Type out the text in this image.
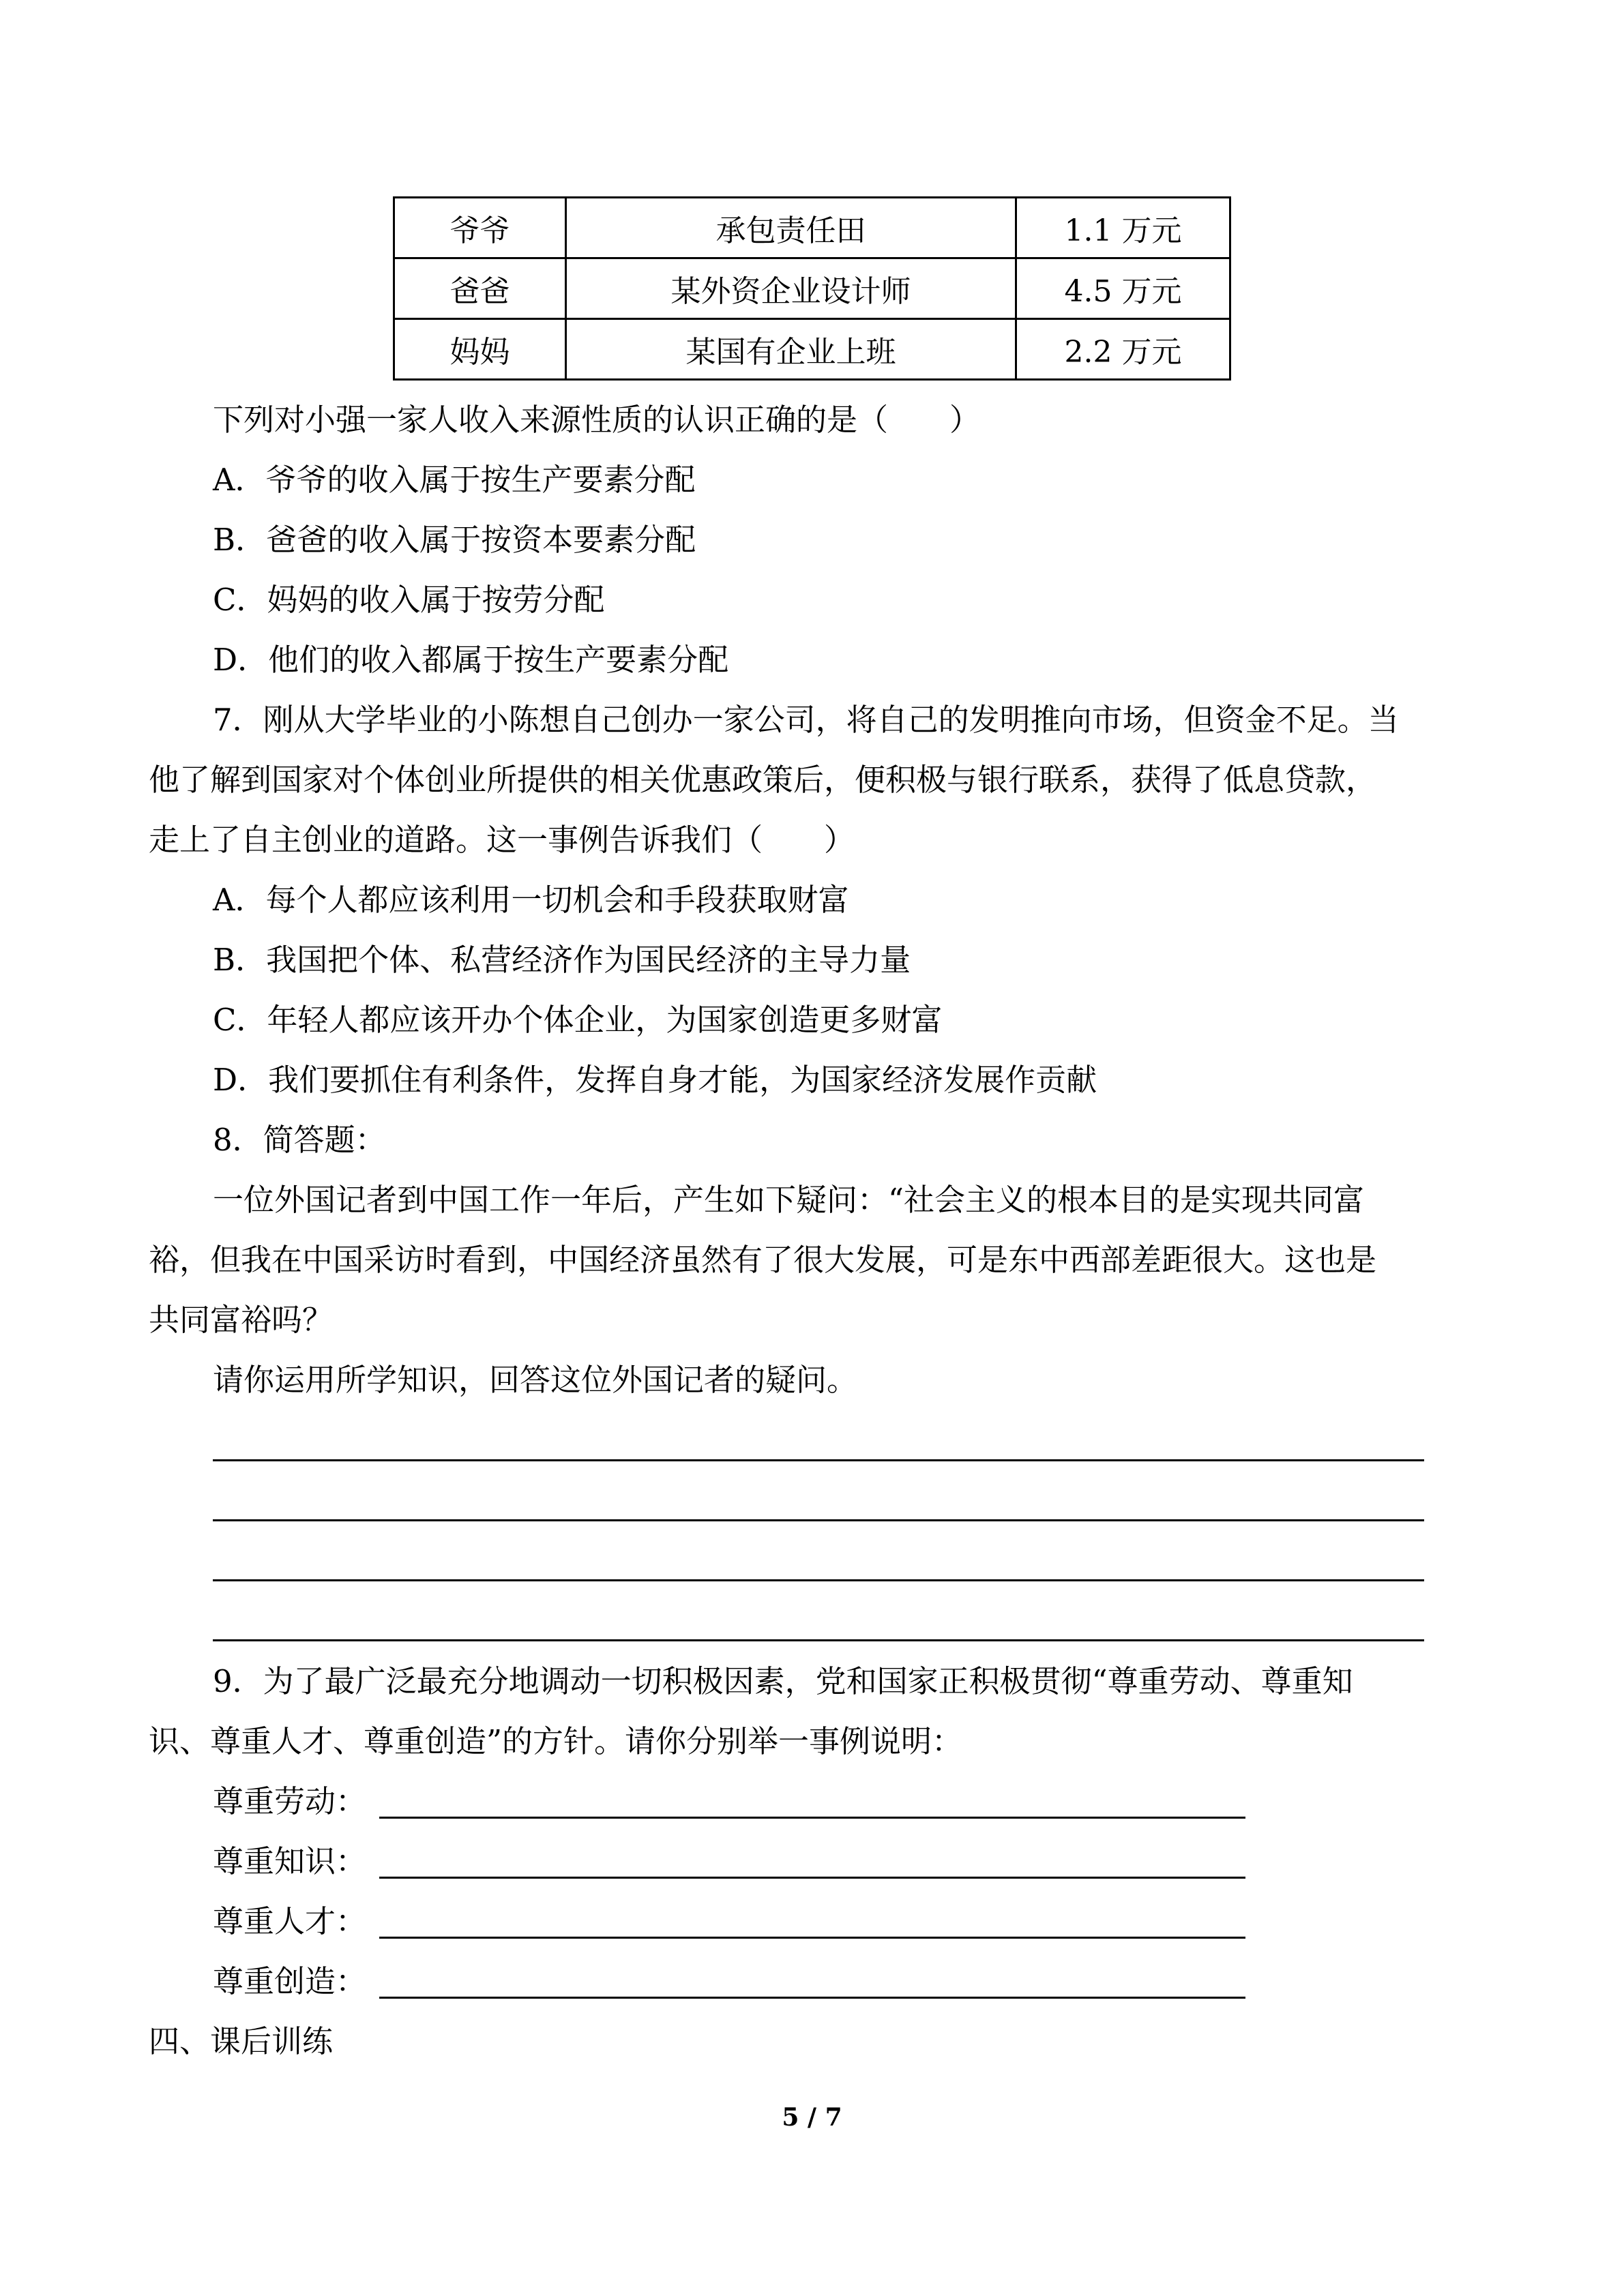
爷爷	承包责任田	1.1 万元
爸爸	某外资企业设计师	4.5 万元
妈妈	某国有企业上班	2.2 万元
下列对小强一家人收入来源性质的认识正确的是（　　）
A．爷爷的收入属于按生产要素分配
B．爸爸的收入属于按资本要素分配
C．妈妈的收入属于按劳分配
D．他们的收入都属于按生产要素分配
7．刚从大学毕业的小陈想自己创办一家公司，将自己的发明推向市场，但资金不足。当
他了解到国家对个体创业所提供的相关优惠政策后，便积极与银行联系，获得了低息贷款，
走上了自主创业的道路。这一事例告诉我们（　　）
A．每个人都应该利用一切机会和手段获取财富
B．我国把个体、私营经济作为国民经济的主导力量
C．年轻人都应该开办个体企业，为国家创造更多财富
D．我们要抓住有利条件，发挥自身才能，为国家经济发展作贡献
8．简答题：
一位外国记者到中国工作一年后，产生如下疑问：“社会主义的根本目的是实现共同富
裕，但我在中国采访时看到，中国经济虽然有了很大发展，可是东中西部差距很大。这也是
共同富裕吗？
请你运用所学知识，回答这位外国记者的疑问。
9．为了最广泛最充分地调动一切积极因素，党和国家正积极贯彻“尊重劳动、尊重知
识、尊重人才、尊重创造”的方针。请你分别举一事例说明：
尊重劳动：
尊重知识：
尊重人才：
尊重创造：
四、课后训练
5 / 7
